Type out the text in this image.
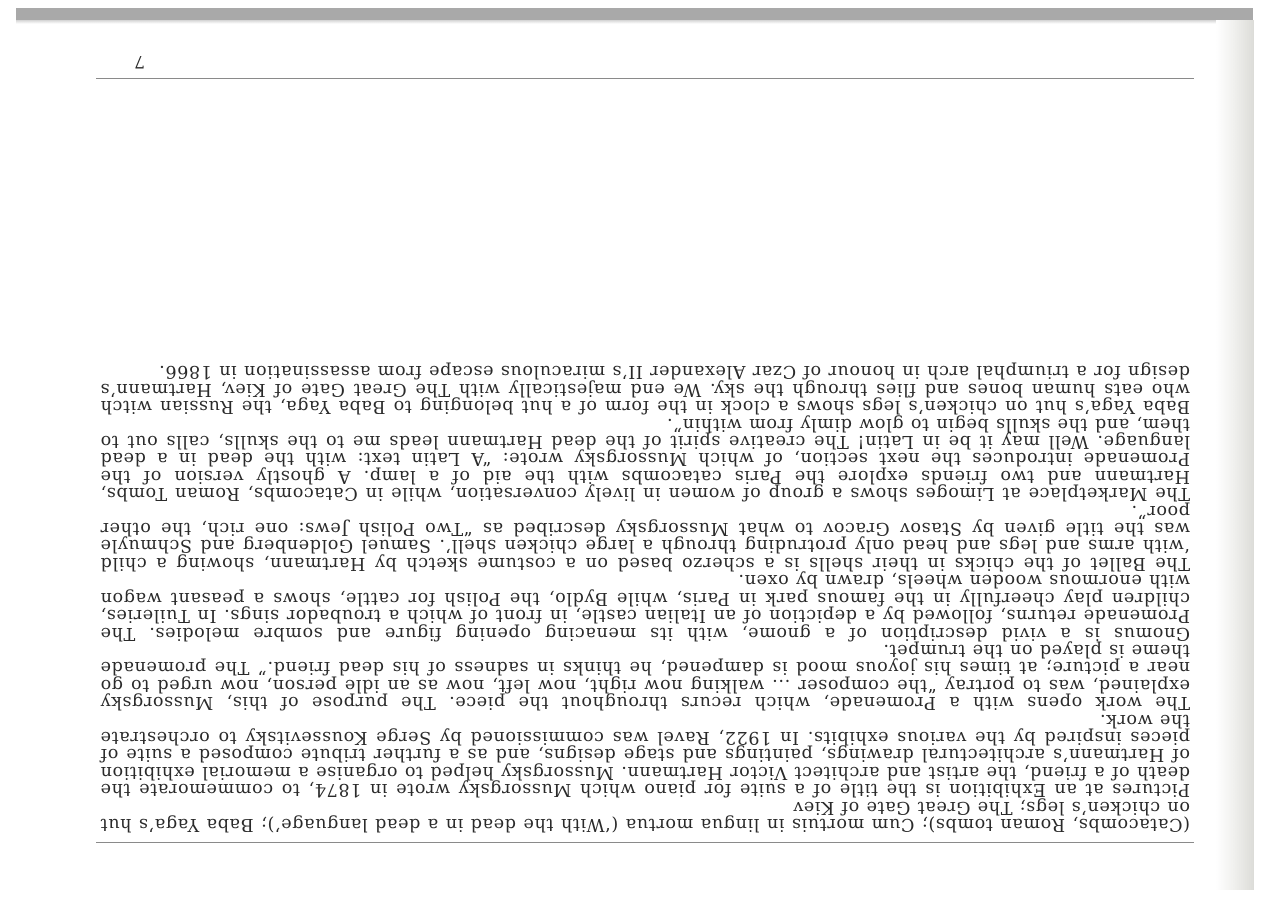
(Catacombs, Roman tombs); Cum mortuis in lingua mortua (‘With the dead in a dead language’); Baba Yaga’s hut on chicken’s legs; The Great Gate of Kiev

Pictures at an Exhibition is the title of a suite for piano which Mussorgsky wrote in 1874, to commemorate the death of a friend, the artist and architect Victor Hartmann. Mussorgsky helped to organise a memorial exhibition of Hartmann’s architectural drawings, paintings and stage designs, and as a further tribute composed a suite of pieces inspired by the various exhibits. In 1922, Ravel was commissioned by Serge Koussevitsky to orchestrate the work.

The work opens with a Promenade, which recurs throughout the piece. The purpose of this, Mussorgsky explained, was to portray “the composer ... walking now right, now left, now as an idle person, now urged to go near a picture; at times his joyous mood is dampened, he thinks in sadness of his dead friend.” The promenade theme is played on the trumpet.

Gnomus is a vivid description of a gnome, with its menacing opening figure and sombre melodies. The Promenade returns, followed by a depiction of an Italian castle, in front of which a troubador sings. In Tuileries, children play cheerfully in the famous park in Paris, while Bydlo, the Polish for cattle, shows a peasant wagon with enormous wooden wheels, drawn by oxen.

The Ballet of the chicks in their shells is a scherzo based on a costume sketch by Hartmann, showing a child ‘with arms and legs and head only protruding through a large chicken shell’. Samuel Goldenberg and Schmuyle was the title given by Stasov Gracov to what Mussorgsky described as “Two Polish Jews: one rich, the other poor”.

The Marketplace at Limoges shows a group of women in lively conversation, while in Catacombs, Roman Tombs, Hartmann and two friends explore the Paris catacombs with the aid of a lamp. A ghostly version of the Promenade introduces the next section, of which Mussorgsky wrote: “A Latin text: with the dead in a dead language. Well may it be in Latin! The creative spirit of the dead Hartmann leads me to the skulls, calls out to them, and the skulls begin to glow dimly from within”.

Baba Yaga’s hut on chicken’s legs shows a clock in the form of a hut belonging to Baba Yaga, the Russian witch who eats human bones and flies through the sky. We end majestically with The Great Gate of Kiev, Hartmann’s design for a triumphal arch in honour of Czar Alexander II’s miraculous escape from assassination in 1866.

7
